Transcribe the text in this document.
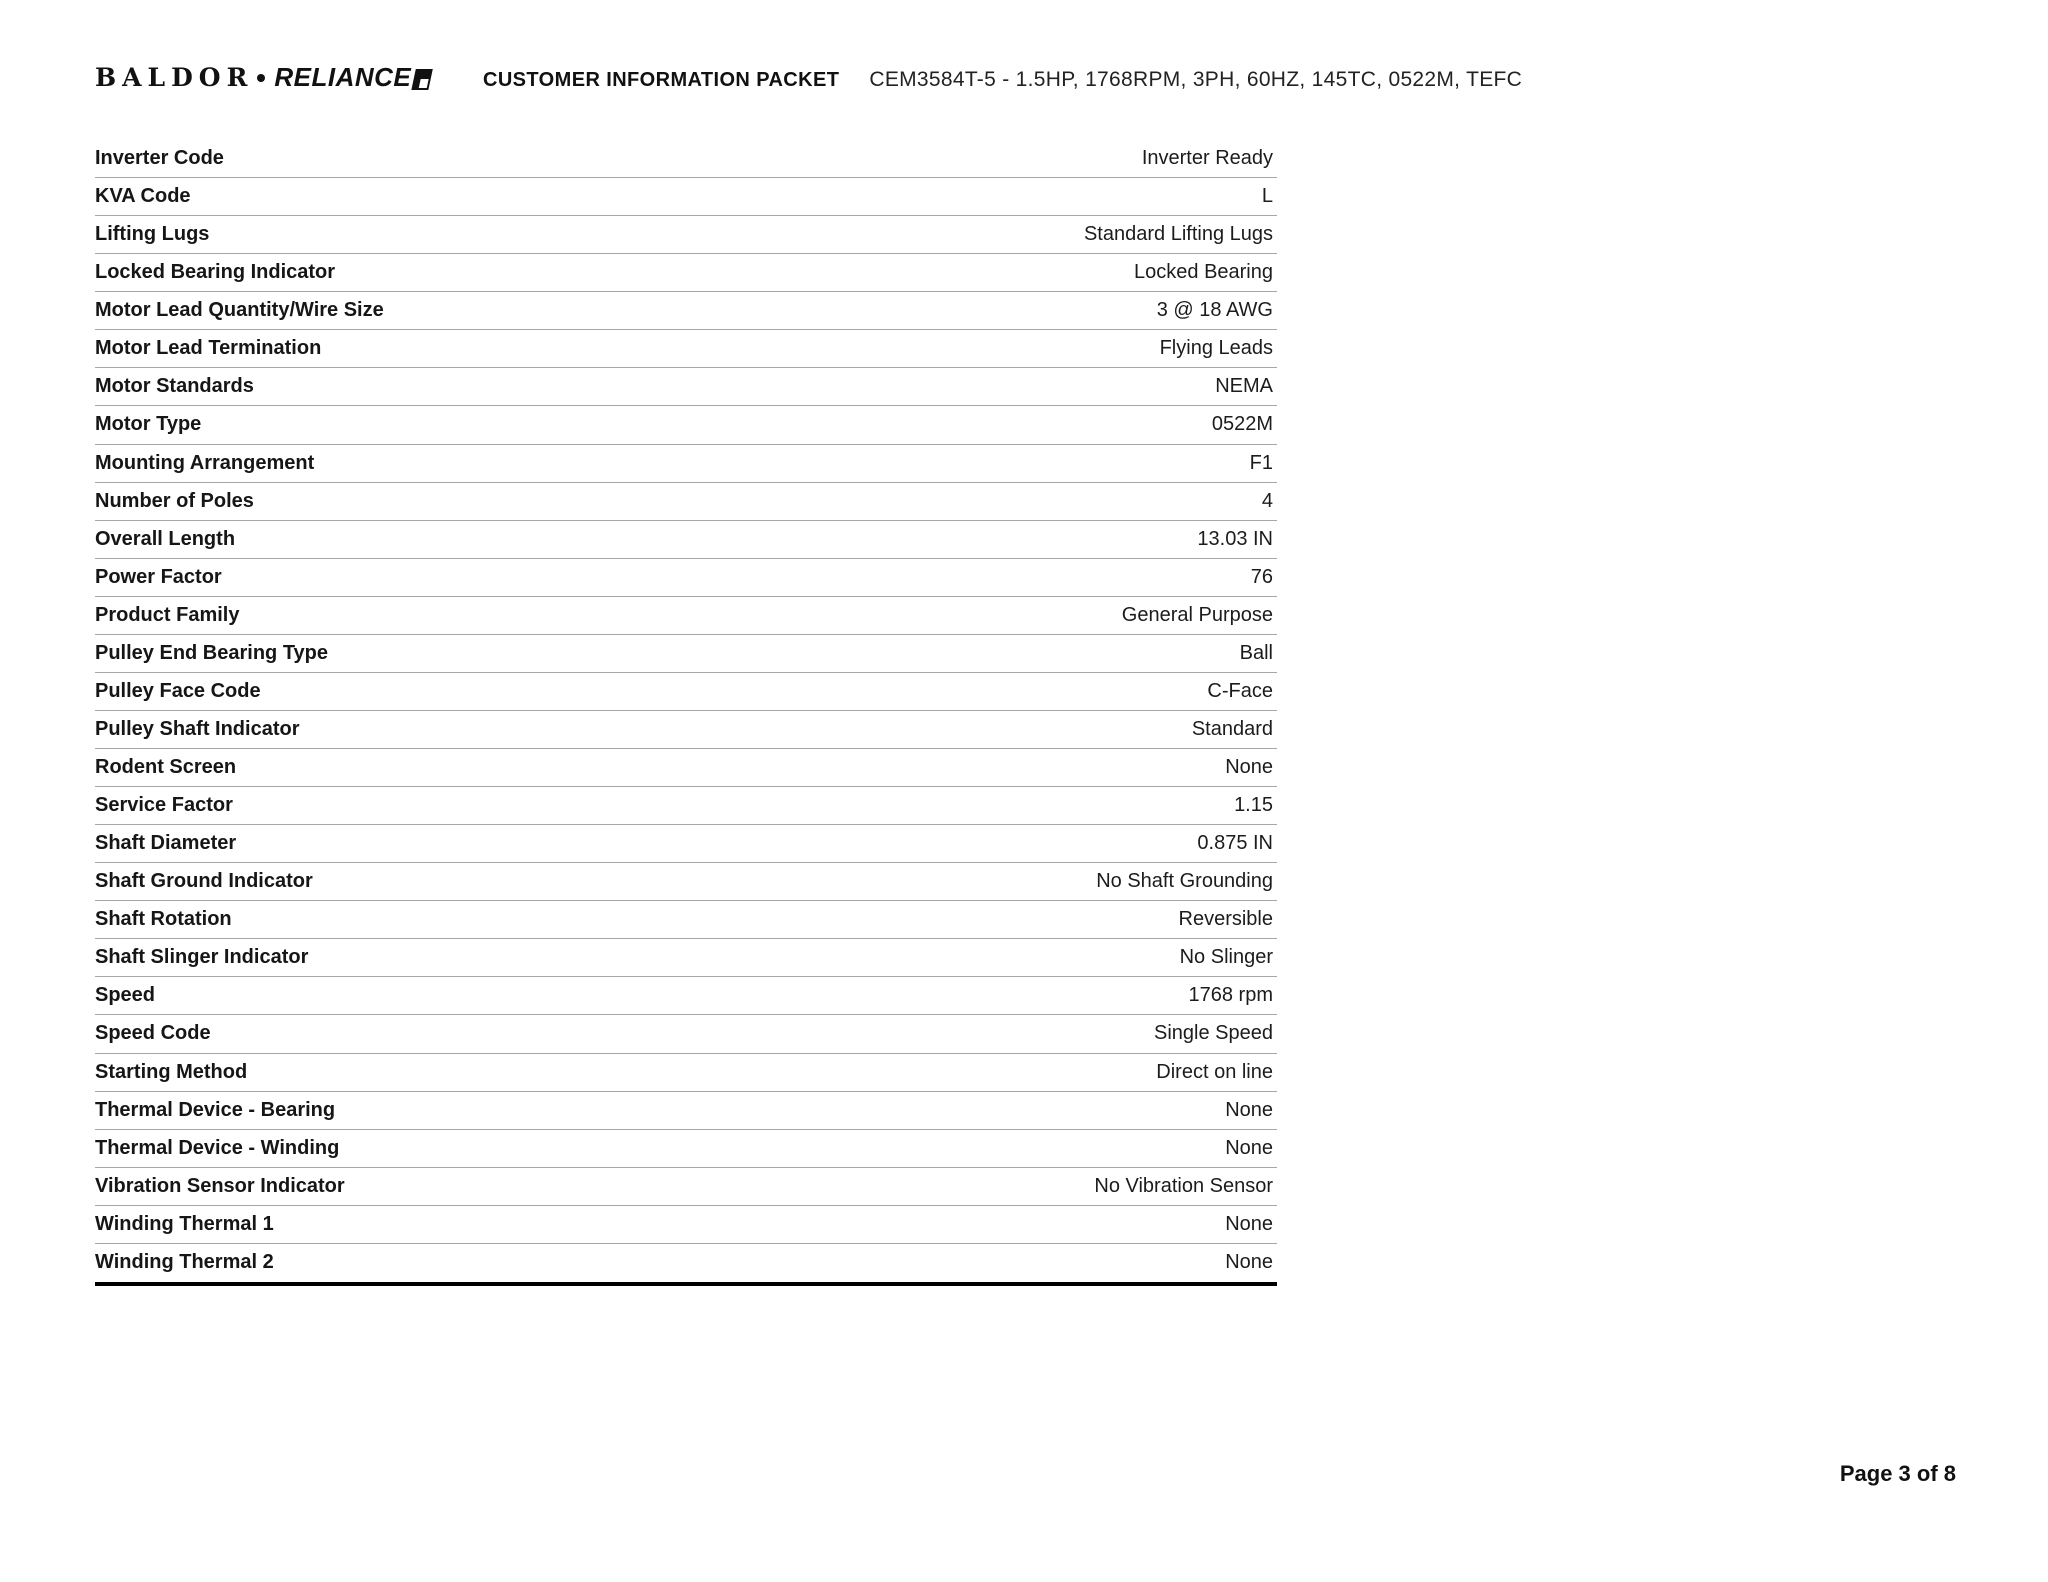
BALDOR RELIANCE	CUSTOMER INFORMATION PACKET CEM3584T-5 - 1.5HP, 1768RPM, 3PH, 60HZ, 145TC, 0522M, TEFC
Inverter Code	Inverter Ready
KVA Code	L
Lifting Lugs	Standard Lifting Lugs
Locked Bearing Indicator	Locked Bearing
Motor Lead Quantity/Wire Size	3 @ 18 AWG
Motor Lead Termination	Flying Leads
Motor Standards	NEMA
Motor Type	0522M
Mounting Arrangement	F1
Number of Poles	4
Overall Length	13.03 IN
Power Factor	76
Product Family	General Purpose
Pulley End Bearing Type	Ball
Pulley Face Code	C-Face
Pulley Shaft Indicator	Standard
Rodent Screen	None
Service Factor	1.15
Shaft Diameter	0.875 IN
Shaft Ground Indicator	No Shaft Grounding
Shaft Rotation	Reversible
Shaft Slinger Indicator	No Slinger
Speed	1768 rpm
Speed Code	Single Speed
Starting Method	Direct on line
Thermal Device - Bearing	None
Thermal Device - Winding	None
Vibration Sensor Indicator	No Vibration Sensor
Winding Thermal 1	None
Winding Thermal 2	None
Page 3 of 8
